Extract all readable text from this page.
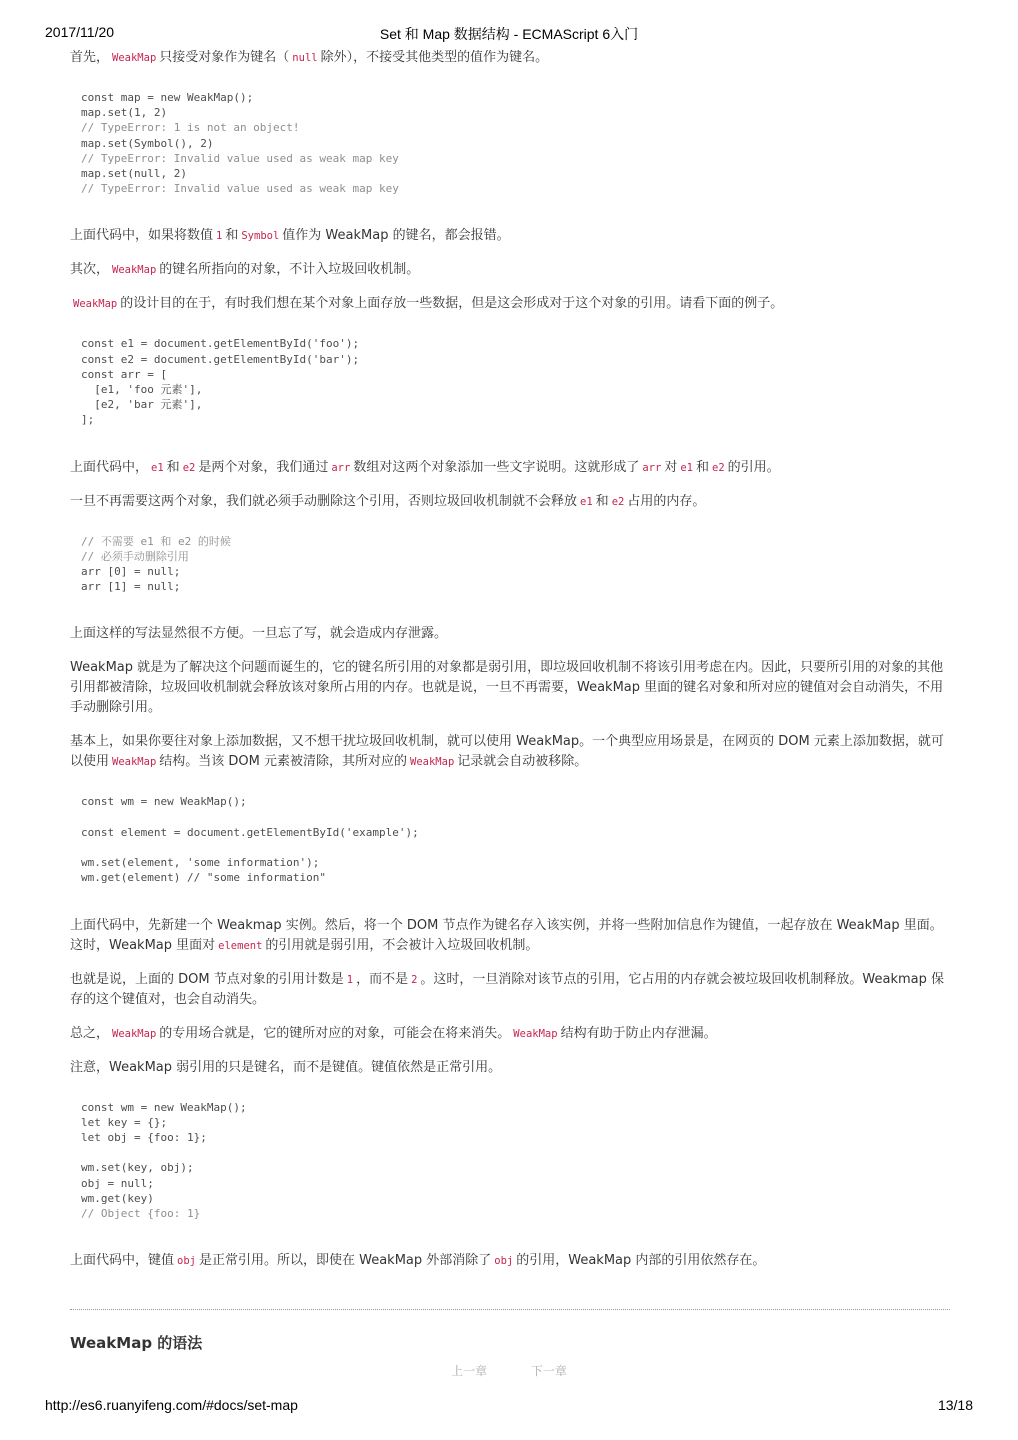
2017/11/20	Set 和 Map 数据结构 - ECMAScript 6入门

首先， WeakMap 只接受对象作为键名（ null 除外），不接受其他类型的值作为键名。

const map = new WeakMap();
map.set(1, 2)
// TypeError: 1 is not an object!
map.set(Symbol(), 2)
// TypeError: Invalid value used as weak map key
map.set(null, 2)
// TypeError: Invalid value used as weak map key

上面代码中，如果将数值 1 和 Symbol 值作为 WeakMap 的键名，都会报错。

其次， WeakMap 的键名所指向的对象，不计入垃圾回收机制。

WeakMap 的设计目的在于，有时我们想在某个对象上面存放一些数据，但是这会形成对于这个对象的引用。请看下面的例子。

const e1 = document.getElementById('foo');
const e2 = document.getElementById('bar');
const arr = [
[e1, 'foo 元素'],
[e2, 'bar 元素'],
];

上面代码中， e1 和 e2 是两个对象，我们通过 arr 数组对这两个对象添加一些文字说明。这就形成了 arr 对 e1 和 e2 的引用。

一旦不再需要这两个对象，我们就必须手动删除这个引用，否则垃圾回收机制就不会释放 e1 和 e2 占用的内存。

// 不需要 e1 和 e2 的时候
// 必须手动删除引用
arr [0] = null;
arr [1] = null;

上面这样的写法显然很不方便。一旦忘了写，就会造成内存泄露。

WeakMap 就是为了解决这个问题而诞生的，它的键名所引用的对象都是弱引用，即垃圾回收机制不将该引用考虑在内。因此，只要所引用的对象的其他引用都被清除，垃圾回收机制就会释放该对象所占用的内存。也就是说，一旦不再需要，WeakMap 里面的键名对象和所对应的键值对会自动消失，不用手动删除引用。

基本上，如果你要往对象上添加数据，又不想干扰垃圾回收机制，就可以使用 WeakMap。一个典型应用场景是，在网页的 DOM 元素上添加数据，就可以使用 WeakMap 结构。当该 DOM 元素被清除，其所对应的 WeakMap 记录就会自动被移除。

const wm = new WeakMap();

const element = document.getElementById('example');

wm.set(element, 'some information');
wm.get(element) // "some information"

上面代码中，先新建一个 Weakmap 实例。然后，将一个 DOM 节点作为键名存入该实例，并将一些附加信息作为键值，一起存放在 WeakMap 里面。这时，WeakMap 里面对 element 的引用就是弱引用，不会被计入垃圾回收机制。

也就是说，上面的 DOM 节点对象的引用计数是 1 ，而不是 2 。这时，一旦消除对该节点的引用，它占用的内存就会被垃圾回收机制释放。Weakmap 保存的这个键值对，也会自动消失。

总之， WeakMap 的专用场合就是，它的键所对应的对象，可能会在将来消失。 WeakMap 结构有助于防止内存泄漏。

注意，WeakMap 弱引用的只是键名，而不是键值。键值依然是正常引用。

const wm = new WeakMap();
let key = {};
let obj = {foo: 1};

wm.set(key, obj);
obj = null;
wm.get(key)
// Object {foo: 1}

上面代码中，键值 obj 是正常引用。所以，即使在 WeakMap 外部消除了 obj 的引用，WeakMap 内部的引用依然存在。

WeakMap 的语法
上一章	下一章
http://es6.ruanyifeng.com/#docs/set-map	13/18
